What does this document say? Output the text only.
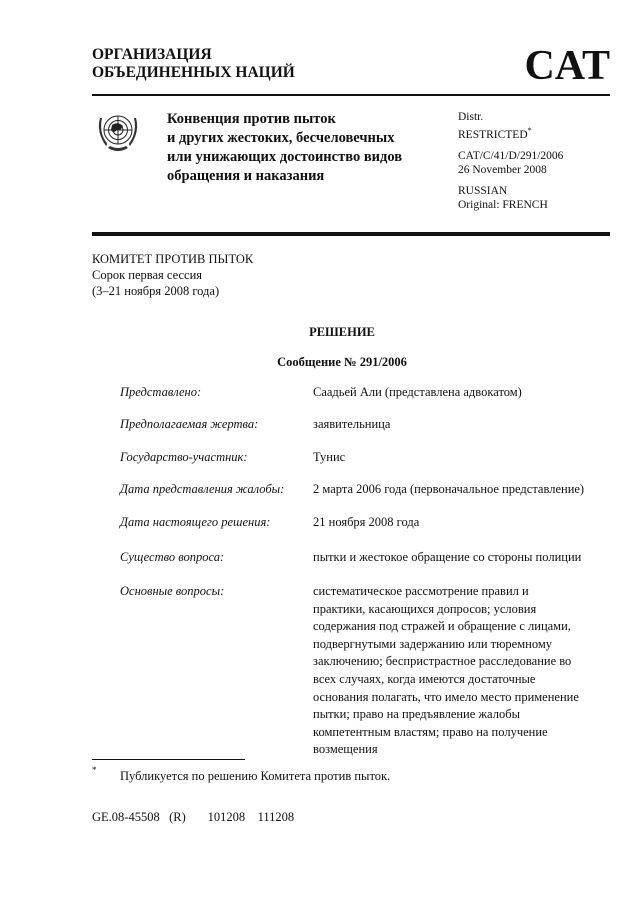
ОРГАНИЗАЦИЯ
ОБЪЕДИНЕННЫХ НАЦИЙ	CAT
Конвенция против пыток
и других жестоких, бесчеловечных
или унижающих достоинство видов
обращения и наказания
Distr.
RESTRICTED*
CAT/C/41/D/291/2006
26 November 2008
RUSSIAN
Original: FRENCH
КОМИТЕТ ПРОТИВ ПЫТОК
Сорок первая сессия
(3–21 ноября 2008 года)
РЕШЕНИЕ
Сообщение № 291/2006
Представлено:	Саадьей Али (представлена адвокатом)
Предполагаемая жертва:	заявительница
Государство-участник:	Тунис
Дата представления жалобы:	2 марта 2006 года (первоначальное представление)
Дата настоящего решения:	21 ноября 2008 года
Существо вопроса:	пытки и жестокое обращение со стороны полиции
Основные вопросы:	систематическое рассмотрение правил и практики, касающихся допросов; условия содержания под стражей и обращение с лицами, подвергнутыми задержанию или тюремному заключению; беспристрастное расследование во всех случаях, когда имеются достаточные основания полагать, что имело место применение пытки; право на предъявление жалобы компетентным властям; право на получение возмещения
* Публикуется по решению Комитета против пыток.
GE.08-45508   (R)       101208    111208
